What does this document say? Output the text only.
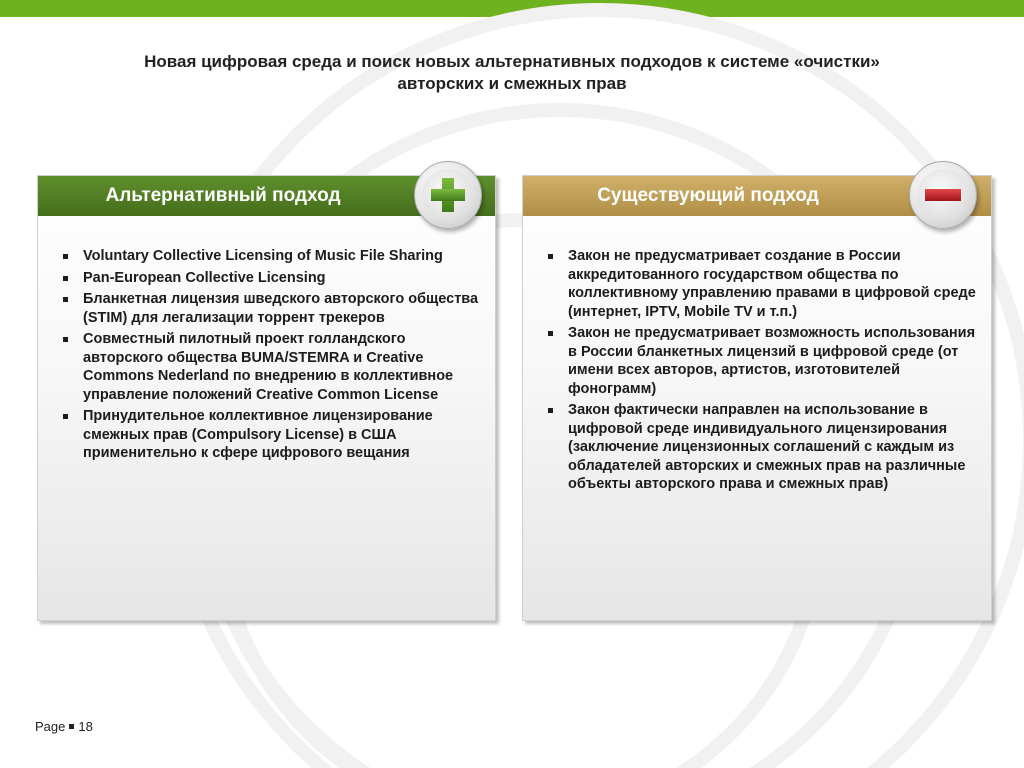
Новая цифровая среда и поиск новых альтернативных подходов к системе «очистки»
авторских и смежных прав
Альтернативный подход
Voluntary Collective Licensing of Music File Sharing
Pan-European Collective Licensing
Бланкетная лицензия шведского авторского общества (STIM) для легализации торрент трекеров
Совместный пилотный проект голландского авторского общества BUMA/STEMRA и Creative Commons Nederland по внедрению в коллективное управление положений Creative Common License
Принудительное коллективное лицензирование смежных прав (Compulsory License) в США применительно к сфере цифрового вещания
Существующий подход
Закон не предусматривает создание в России аккредитованного государством общества по коллективному управлению правами в цифровой среде (интернет, IPTV, Mobile TV и т.п.)
Закон не предусматривает возможность использования в России бланкетных лицензий в цифровой среде (от имени всех авторов, артистов, изготовителей фонограмм)
Закон фактически направлен на использование в цифровой среде индивидуального лицензирования (заключение лицензионных соглашений с каждым из обладателей авторских и смежных прав на различные объекты авторского права и смежных прав)
Page 18
